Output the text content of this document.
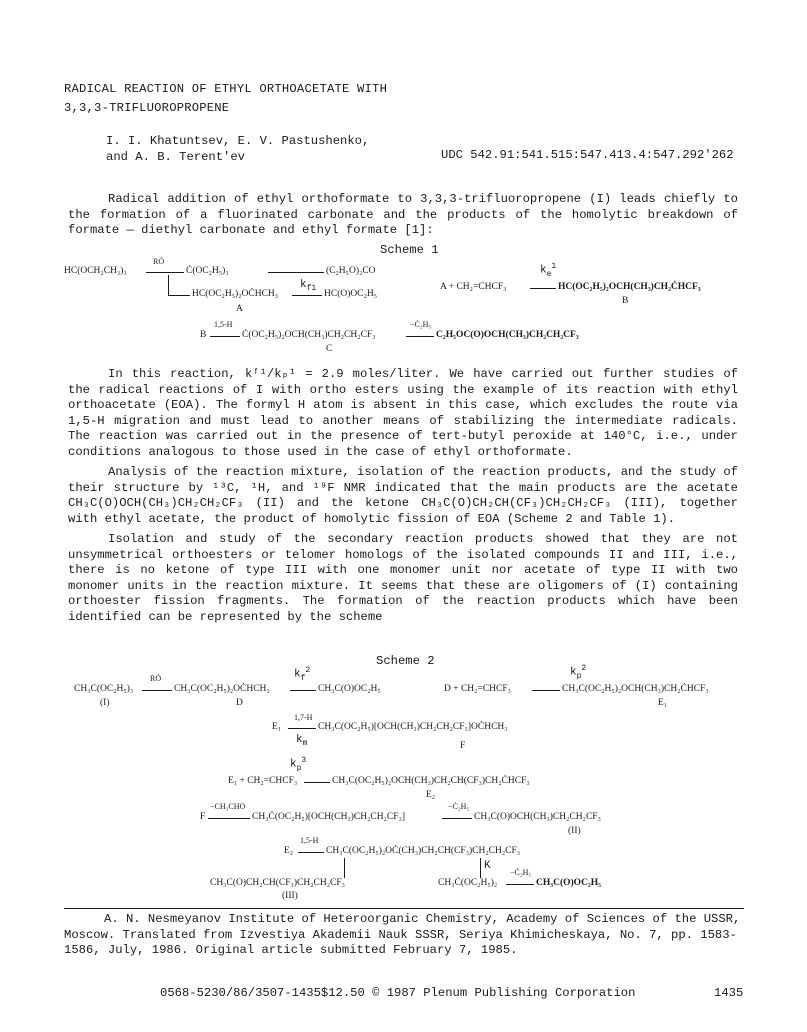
RADICAL REACTION OF ETHYL ORTHOACETATE WITH
3,3,3-TRIFLUOROPROPENE
I. I. Khatuntsev, E. V. Pastushenko,
and A. B. Terent'ev	UDC 542.91:541.515:547.413.4:547.292'262
Radical addition of ethyl orthoformate to 3,3,3-trifluoropropene (I) leads chiefly to the formation of a fluorinated carbonate and the products of the homolytic breakdown of formate — diethyl carbonate and ethyl formate [1]:
Scheme 1
HC(OCH₂CH₃)₃
RÓ
Ċ(OC₂H₅)₃	(C₂H₅O)₂CO
HC(OC₂H₅)₂OĊHCH₃
$k_{f1}$
HC(O)OC₂H₅
A
A + CH₂=CHCF₃
$k_e^1$
HC(OC₂H₅)₂OCH(CH₃)CH₂ĊHCF₃
B
B
1,5-H
Ċ(OC₂H₅)₂OCH(CH₃)CH₂CH₂CF₃
−Ċ₂H₅
C₂H₅OC(O)OCH(CH₃)CH₂CH₂CF₃
C
In this reaction, kᶠ¹/kₚ¹ = 2.9 moles/liter. We have carried out further studies of the radical reactions of I with ortho esters using the example of its reaction with ethyl orthoacetate (EOA). The formyl H atom is absent in this case, which excludes the route via 1,5-H migration and must lead to another means of stabilizing the intermediate radicals. The reaction was carried out in the presence of tert-butyl peroxide at 140°C, i.e., under conditions analogous to those used in the case of ethyl orthoformate.
Analysis of the reaction mixture, isolation of the reaction products, and the study of their structure by ¹³C, ¹H, and ¹⁹F NMR indicated that the main products are the acetate CH₃C(O)OCH(CH₃)CH₂CH₂CF₃ (II) and the ketone CH₃C(O)CH₂CH(CF₃)CH₂CH₂CF₃ (III), together with ethyl acetate, the product of homolytic fission of EOA (Scheme 2 and Table 1).
Isolation and study of the secondary reaction products showed that they are not unsymmetrical orthoesters or telomer homologs of the isolated compounds II and III, i.e., there is no ketone of type III with one monomer unit nor acetate of type II with two monomer units in the reaction mixture. It seems that these are oligomers of (I) containing orthoester fission fragments. The formation of the reaction products which have been identified can be represented by the scheme
Scheme 2
CH₃C(OC₂H₅)₃
(I)
RÓ
CH₃C(OC₂H₅)₂OĊHCH₃
D
$k_f^2$
CH₃C(O)OC₂H₅	D + CH₂=CHCF₃
$k_p^2$
CH₃C(OC₂H₅)₂OCH(CH₃)CH₂ĊHCF₃
E₁
E₁
1,7-H
$k_m$
CH₃C(OC₂H₅)[OCH(CH₃)CH₂CH₂CF₃]OĊHCH₃
F
$k_p^3$
E₁ + CH₂=CHCF₃	CH₃C(OC₂H₅)₂OCH(CH₃)CH₂CH(CF₃)CH₂ĊHCF₃
E₂
F
−CH₃CHO
CH₃Ċ(OC₂H₅)[OCH(CH₃)CH₂CH₂CF₃]
−Ċ₂H₅
CH₃C(O)OCH(CH₃)CH₂CH₂CF₃
(II)
E₂
1,5-H
CH₃C(OC₂H₅)₂OĊ(CH₃)CH₂CH(CF₃)CH₂CH₂CF₃
K
CH₃C(O)CH₂CH(CF₃)CH₂CH₂CF₃
(III)
CH₃Ċ(OC₂H₅)₂
−Ċ₂H₅
CH₃C(O)OC₂H₅
A. N. Nesmeyanov Institute of Heteroorganic Chemistry, Academy of Sciences of the USSR, Moscow. Translated from Izvestiya Akademii Nauk SSSR, Seriya Khimicheskaya, No. 7, pp. 1583-1586, July, 1986. Original article submitted February 7, 1985.
0568-5230/86/3507-1435$12.50 © 1987 Plenum Publishing Corporation	1435
